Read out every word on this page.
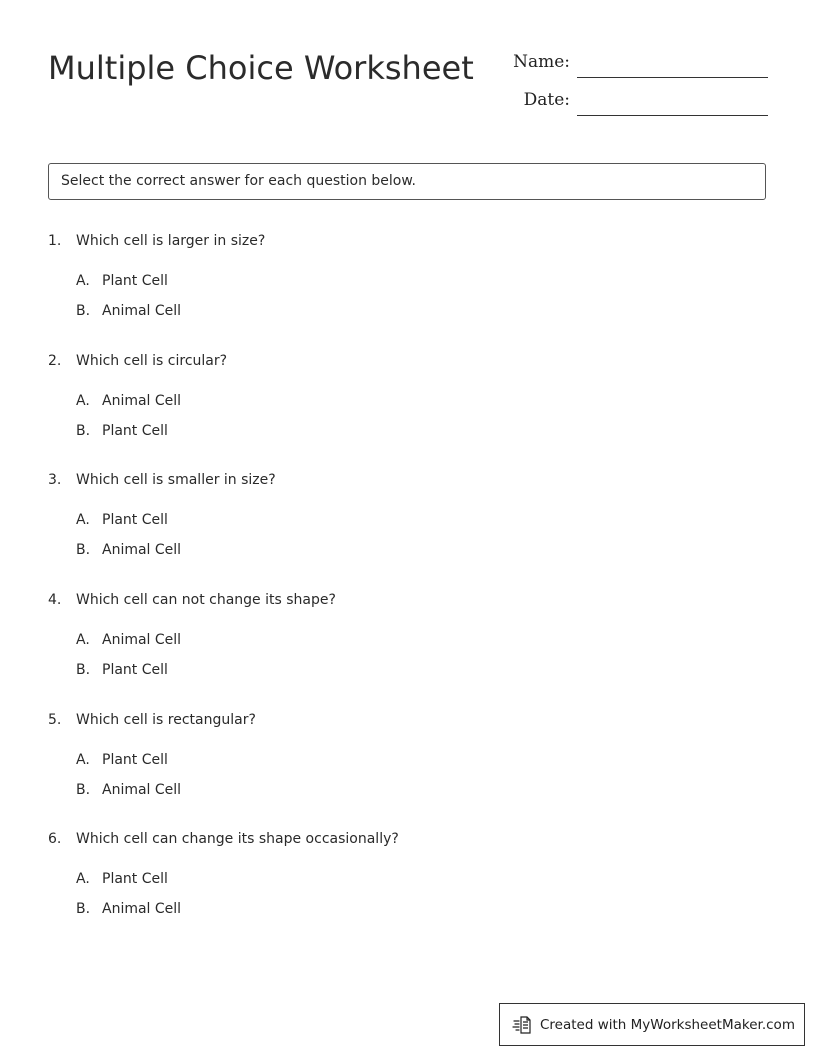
Multiple Choice Worksheet Name:
Date:
Select the correct answer for each question below.
1.	Which cell is larger in size?
A. Plant Cell
B. Animal Cell
2.	Which cell is circular?
A. Animal Cell
B. Plant Cell
3.	Which cell is smaller in size?
A. Plant Cell
B. Animal Cell
4.	Which cell can not change its shape?
A. Animal Cell
B. Plant Cell
5.	Which cell is rectangular?
A. Plant Cell
B. Animal Cell
6.	Which cell can change its shape occasionally?
A. Plant Cell
B. Animal Cell
Created with MyWorksheetMaker.com
